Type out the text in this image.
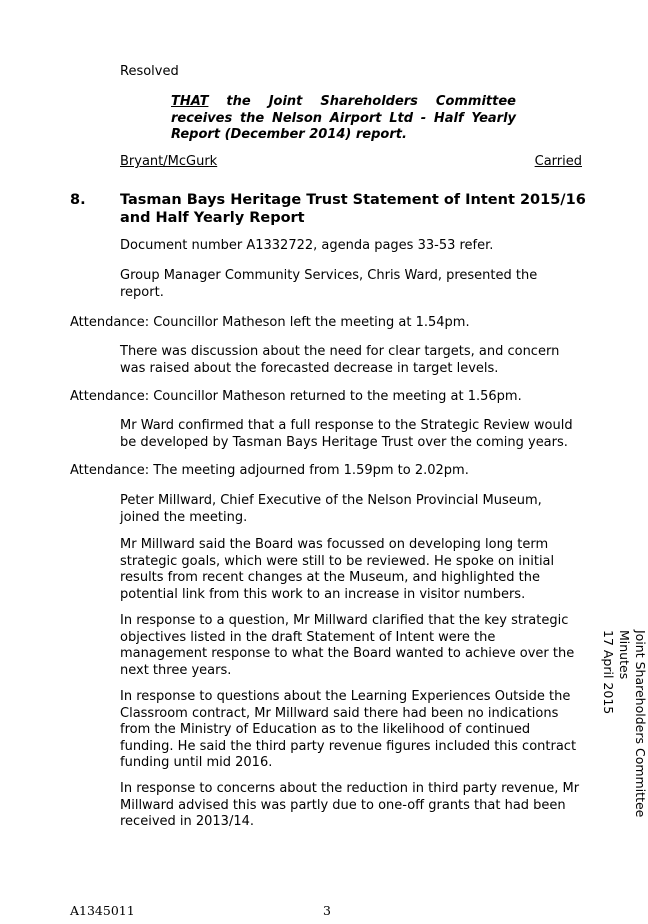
Resolved

THAT the Joint Shareholders Committee receives the Nelson Airport Ltd - Half Yearly Report (December 2014) report.

Bryant/McGurk	Carried
8. Tasman Bays Heritage Trust Statement of Intent 2015/16 and Half Yearly Report

Document number A1332722, agenda pages 33-53 refer.

Group Manager Community Services, Chris Ward, presented the report.

Attendance: Councillor Matheson left the meeting at 1.54pm.

There was discussion about the need for clear targets, and concern was raised about the forecasted decrease in target levels.

Attendance: Councillor Matheson returned to the meeting at 1.56pm.

Mr Ward confirmed that a full response to the Strategic Review would be developed by Tasman Bays Heritage Trust over the coming years.

Attendance: The meeting adjourned from 1.59pm to 2.02pm.

Peter Millward, Chief Executive of the Nelson Provincial Museum, joined the meeting.

Mr Millward said the Board was focussed on developing long term strategic goals, which were still to be reviewed. He spoke on initial results from recent changes at the Museum, and highlighted the potential link from this work to an increase in visitor numbers.

In response to a question, Mr Millward clarified that the key strategic objectives listed in the draft Statement of Intent were the management response to what the Board wanted to achieve over the next three years.

In response to questions about the Learning Experiences Outside the Classroom contract, Mr Millward said there had been no indications from the Ministry of Education as to the likelihood of continued funding. He said the third party revenue figures included this contract funding until mid 2016.

In response to concerns about the reduction in third party revenue, Mr Millward advised this was partly due to one-off grants that had been received in 2013/14.

Joint Shareholders Committee Minutes
17 April 2015
A1345011	3
